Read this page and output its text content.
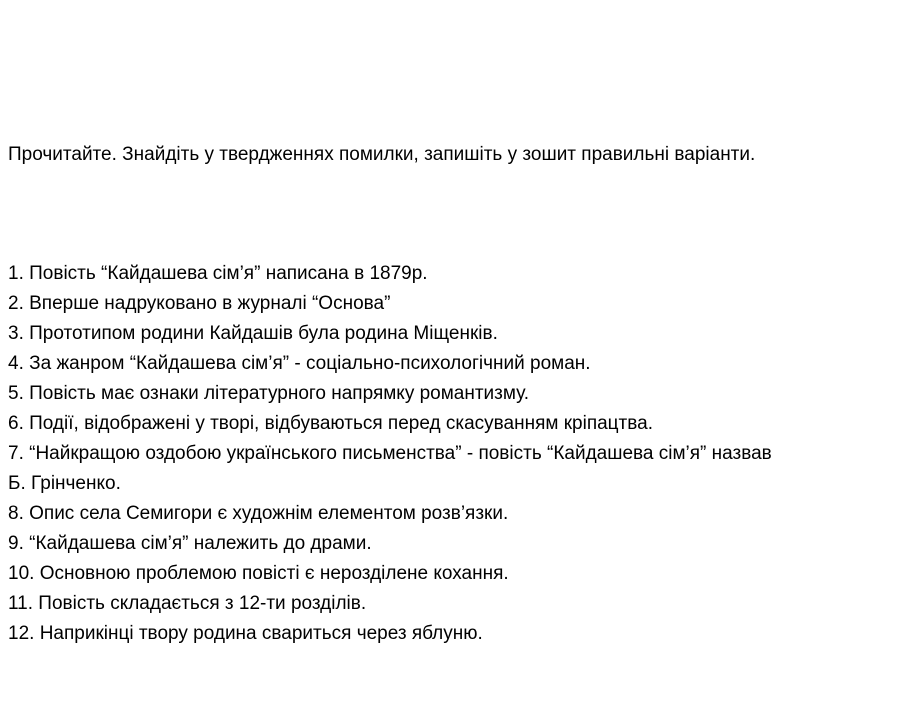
Прочитайте. Знайдіть у твердженнях помилки, запишіть у зошит правильні варіанти.
1. Повість “Кайдашева сім’я” написана в 1879р.
2. Вперше надруковано в журналі “Основа”
3. Прототипом родини Кайдашів була родина Міщенків.
4. За жанром “Кайдашева сім’я” - соціально-психологічний роман.
5. Повість має ознаки літературного напрямку романтизму.
6. Події, відображені у творі, відбуваються перед скасуванням кріпацтва.
7. “Найкращою оздобою українського письменства” - повість “Кайдашева сім’я” назвав
Б. Грінченко.
8. Опис села Семигори є художнім елементом розв’язки.
9. “Кайдашева сім’я” належить до драми.
10. Основною проблемою повісті є нерозділене кохання.
11. Повість складається з 12-ти розділів.
12. Наприкінці твору родина свариться через яблуню.
